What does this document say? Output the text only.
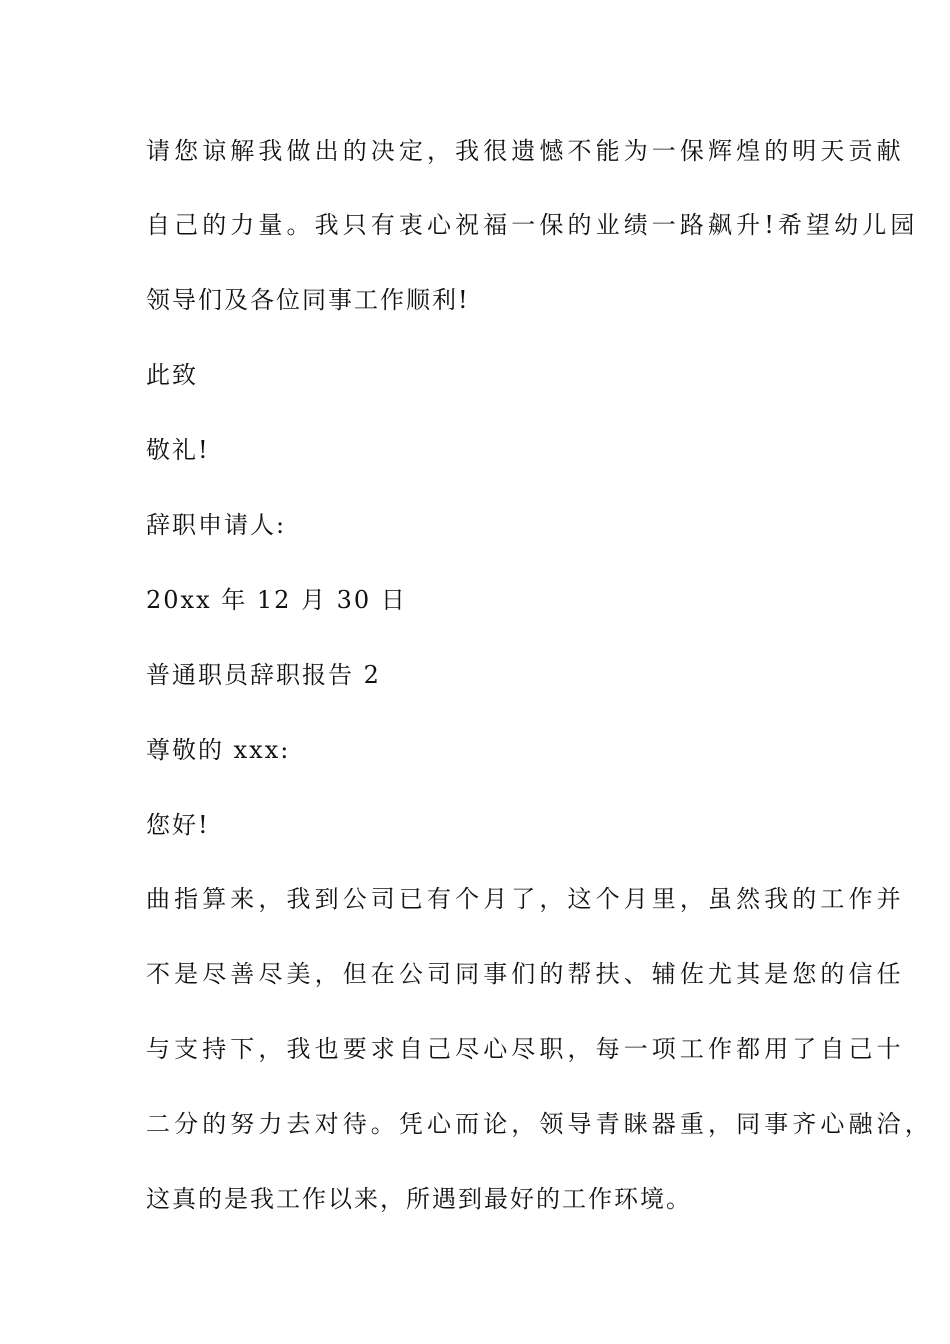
请您谅解我做出的决定，我很遗憾不能为一保辉煌的明天贡献
自己的力量。我只有衷心祝福一保的业绩一路飙升!希望幼儿园
领导们及各位同事工作顺利!
此致
敬礼!
辞职申请人:
20xx 年 12 月 30 日
普通职员辞职报告 2
尊敬的 xxx:
您好!
曲指算来，我到公司已有个月了，这个月里，虽然我的工作并
不是尽善尽美，但在公司同事们的帮扶、辅佐尤其是您的信任
与支持下，我也要求自己尽心尽职，每一项工作都用了自己十
二分的努力去对待。凭心而论，领导青睐器重，同事齐心融洽，
这真的是我工作以来，所遇到最好的工作环境。
